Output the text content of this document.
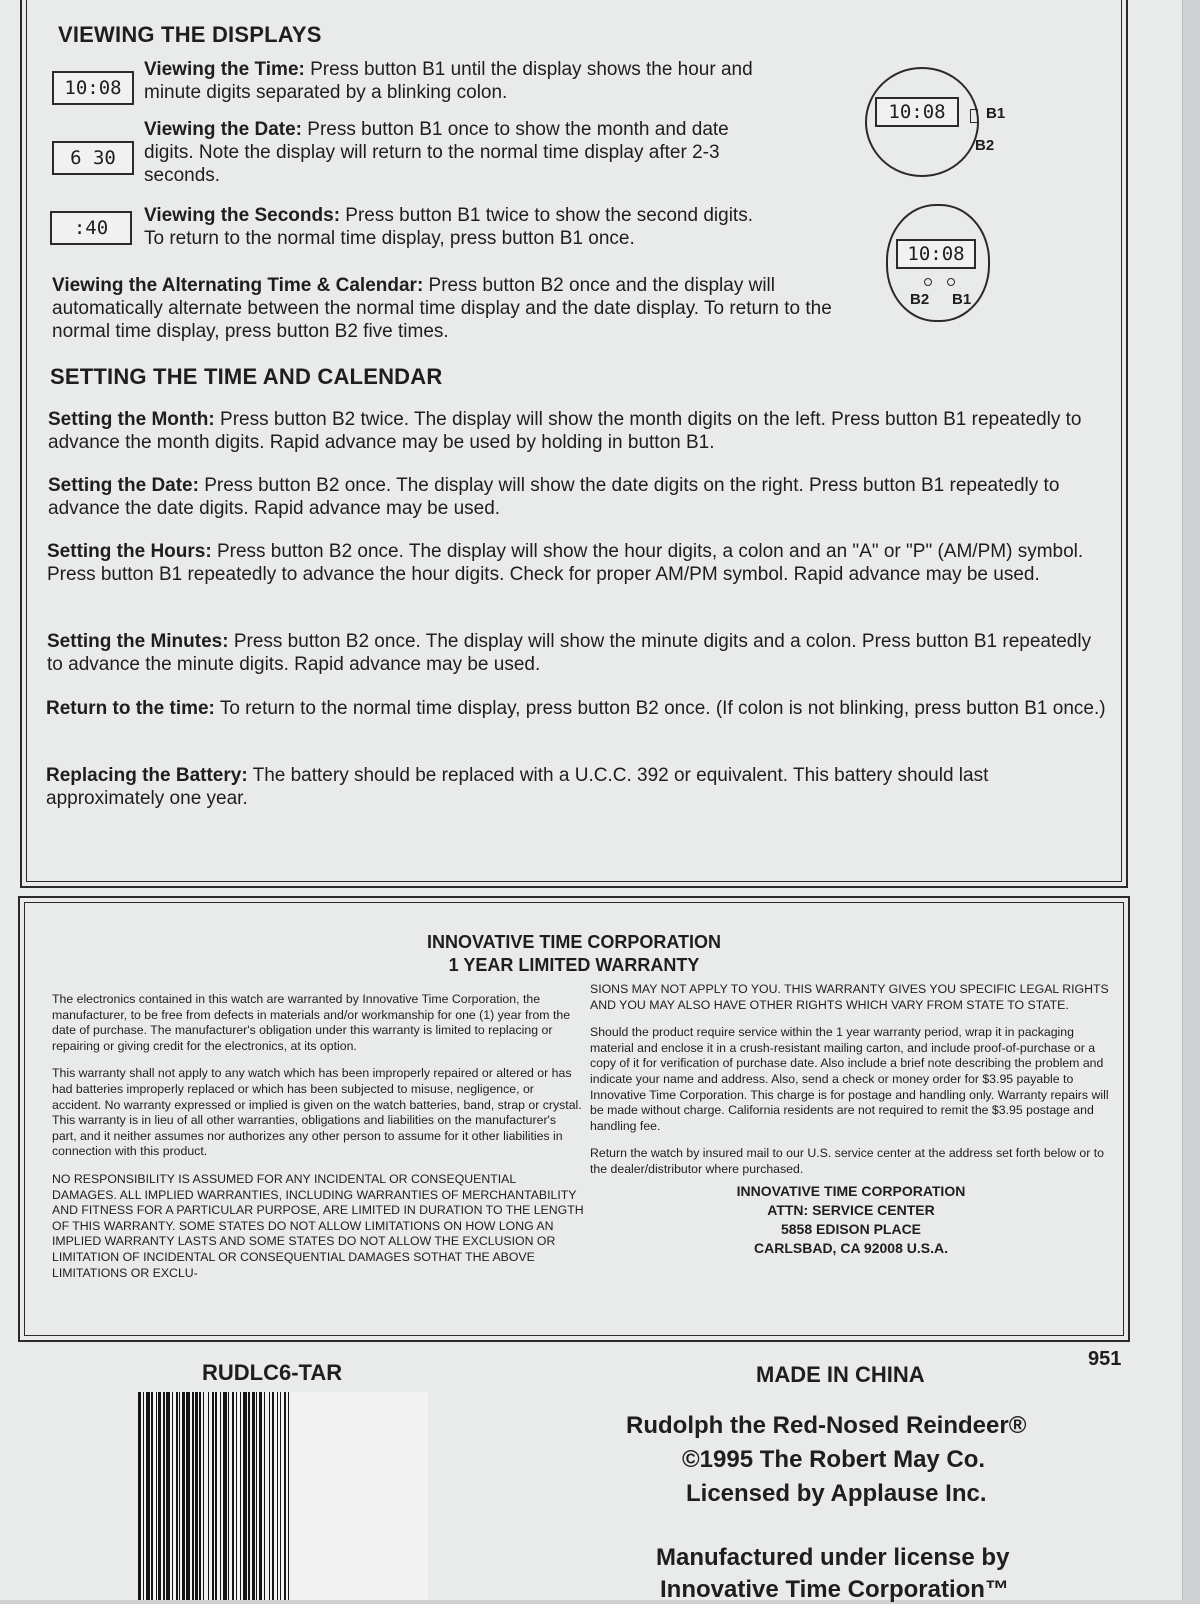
VIEWING THE DISPLAYS
10:08
Viewing the Time: Press button B1 until the display shows the hour and minute digits separated by a blinking colon.
6 30
Viewing the Date: Press button B1 once to show the month and date digits. Note the display will return to the normal time display after 2-3 seconds.
:40
Viewing the Seconds: Press button B1 twice to show the second digits. To return to the normal time display, press button B1 once.
Viewing the Alternating Time & Calendar: Press button B2 once and the display will automatically alternate between the normal time display and the date display. To return to the normal time display, press button B2 five times.
10:08	B1
B2
10:08
B2 B1
SETTING THE TIME AND CALENDAR
Setting the Month: Press button B2 twice. The display will show the month digits on the left. Press button B1 repeatedly to advance the month digits. Rapid advance may be used by holding in button B1.
Setting the Date: Press button B2 once. The display will show the date digits on the right. Press button B1 repeatedly to advance the date digits. Rapid advance may be used.
Setting the Hours: Press button B2 once. The display will show the hour digits, a colon and an "A" or "P" (AM/PM) symbol. Press button B1 repeatedly to advance the hour digits. Check for proper AM/PM symbol. Rapid advance may be used.
Setting the Minutes: Press button B2 once. The display will show the minute digits and a colon. Press button B1 repeatedly to advance the minute digits. Rapid advance may be used.
Return to the time: To return to the normal time display, press button B2 once. (If colon is not blinking, press button B1 once.)
Replacing the Battery: The battery should be replaced with a U.C.C. 392 or equivalent. This battery should last approximately one year.
INNOVATIVE TIME CORPORATION
1 YEAR LIMITED WARRANTY

The electronics contained in this watch are warranted by Innovative Time Corporation, the manufacturer, to be free from defects in materials and/or workmanship for one (1) year from the date of purchase. The manufacturer's obligation under this warranty is limited to replacing or repairing or giving credit for the electronics, at its option.

This warranty shall not apply to any watch which has been improperly repaired or altered or has had batteries improperly replaced or which has been subjected to misuse, negligence, or accident. No warranty expressed or implied is given on the watch batteries, band, strap or crystal. This warranty is in lieu of all other warranties, obligations and liabilities on the manufacturer's part, and it neither assumes nor authorizes any other person to assume for it other liabilities in connection with this product.

NO RESPONSIBILITY IS ASSUMED FOR ANY INCIDENTAL OR CONSEQUENTIAL DAMAGES. ALL IMPLIED WARRANTIES, INCLUDING WARRANTIES OF MERCHANTABILITY AND FITNESS FOR A PARTICULAR PURPOSE, ARE LIMITED IN DURATION TO THE LENGTH OF THIS WARRANTY. SOME STATES DO NOT ALLOW LIMITATIONS ON HOW LONG AN IMPLIED WARRANTY LASTS AND SOME STATES DO NOT ALLOW THE EXCLUSION OR LIMITATION OF INCIDENTAL OR CONSEQUENTIAL DAMAGES SOTHAT THE ABOVE LIMITATIONS OR EXCLU-

SIONS MAY NOT APPLY TO YOU. THIS WARRANTY GIVES YOU SPECIFIC LEGAL RIGHTS AND YOU MAY ALSO HAVE OTHER RIGHTS WHICH VARY FROM STATE TO STATE.

Should the product require service within the 1 year warranty period, wrap it in packaging material and enclose it in a crush-resistant mailing carton, and include proof-of-purchase or a copy of it for verification of purchase date. Also include a brief note describing the problem and indicate your name and address. Also, send a check or money order for $3.95 payable to Innovative Time Corporation. This charge is for postage and handling only. Warranty repairs will be made without charge. California residents are not required to remit the $3.95 postage and handling fee.

Return the watch by insured mail to our U.S. service center at the address set forth below or to the dealer/distributor where purchased.

INNOVATIVE TIME CORPORATION
ATTN: SERVICE CENTER
5858 EDISON PLACE
CARLSBAD, CA 92008 U.S.A.
RUDLC6-TAR	MADE IN CHINA
951
Rudolph the Red-Nosed Reindeer®
©1995 The Robert May Co.
Licensed by Applause Inc.
Manufactured under license by
Innovative Time Corporation™
